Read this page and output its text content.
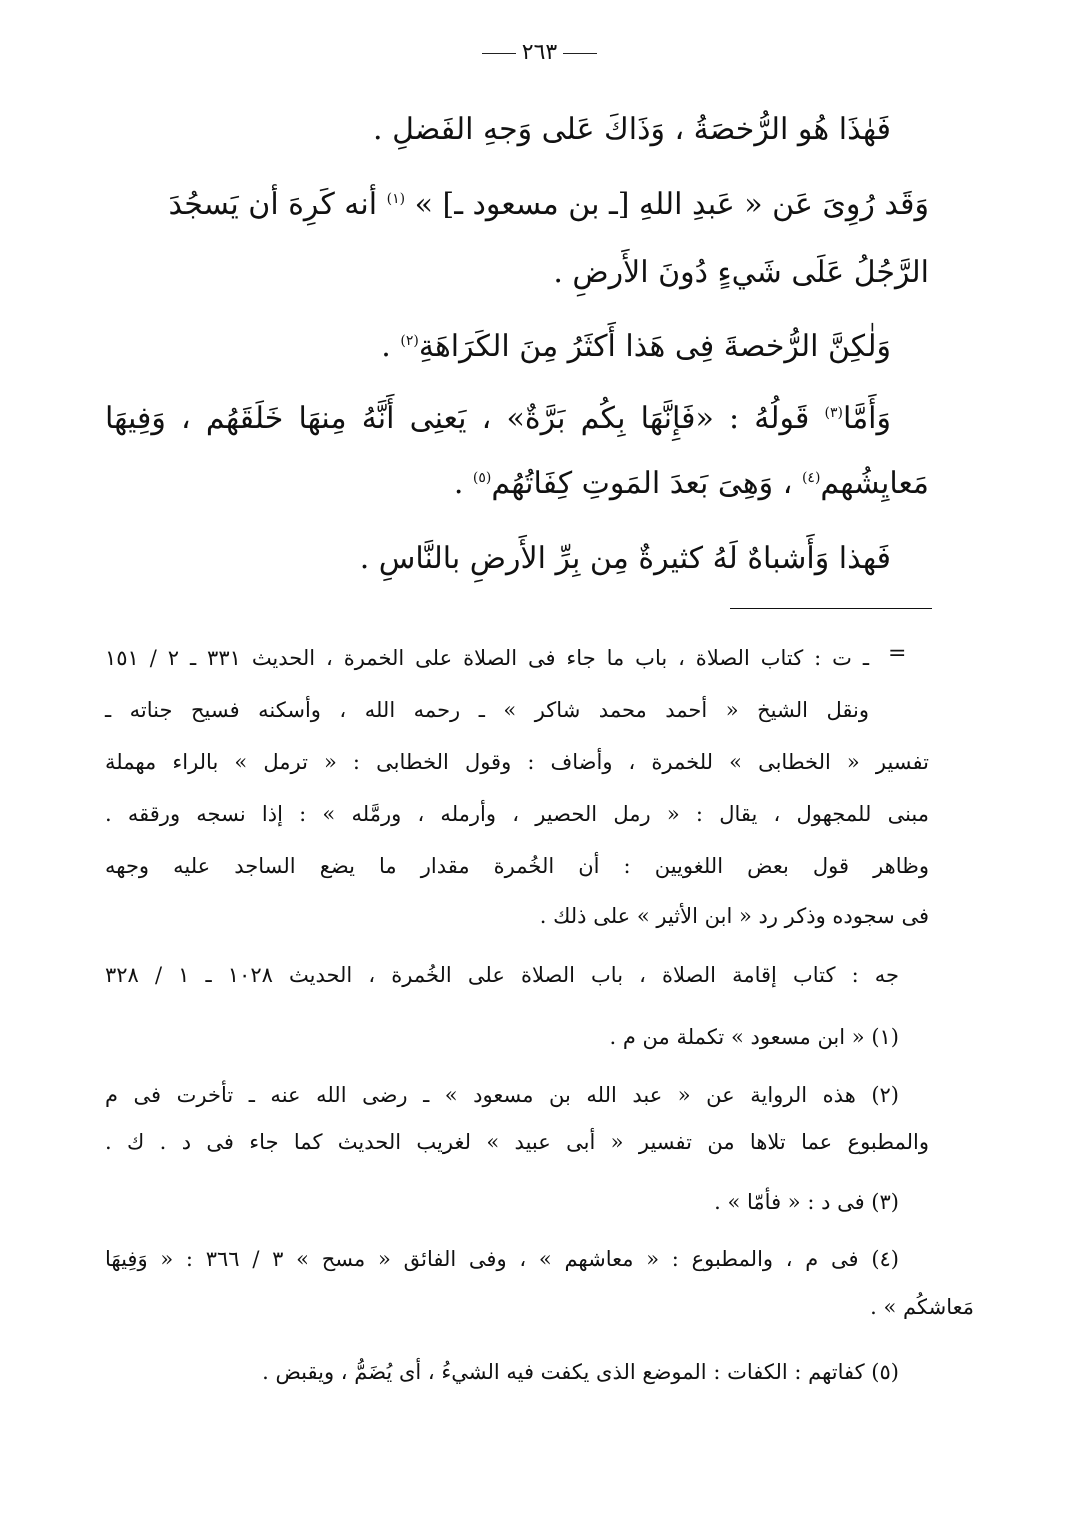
٢٦٣
فَهٰذَا هُو الرُّخصَةُ ، وَذَاكَ عَلى وَجهِ الفَضلِ .
وَقَد رُوِىَ عَن « عَبدِ اللهِ [ـ بن مسعود ـ] » $^{(١)}$ أنه كَرِهَ أن يَسجُدَ
الرَّجُلُ عَلَى شَيءٍ دُونَ الأَرضِ .
وَلٰكِنَّ الرُّخصةَ فِى هَذا أَكثَرُ مِنَ الكَرَاهَةِ$^{(٢)}$ .
وَأَمَّا$^{(٣)}$ قَولُهُ : «فَإِنَّهَا بِكُم بَرَّةٌ» ، يَعنِى أَنَّهُ مِنهَا خَلَقَهُم ، وَفِيهَا
مَعايِشُهم$^{(٤)}$ ، وَهِىَ بَعدَ المَوتِ كِفَاتُهُم$^{(٥)}$ .
فَهذا وَأَشباهٌ لَهُ كثيرةٌ مِن بِرِّ الأَرضِ بالنَّاسِ .
=
ـ ت : كتاب الصلاة ، باب ما جاء فى الصلاة على الخمرة ، الحديث ٣٣١ ـ ٢ / ١٥١
ونقل الشيخ « أحمد محمد شاكر » ـ رحمه الله ، وأسكنه فسيح جناته ـ
تفسير « الخطابى » للخمرة ، وأضاف : وقول الخطابى : « ترمل » بالراء مهملة
مبنى للمجهول ، يقال : « رمل الحصير ، وأرمله ، ورمَّله » : إذا نسجه ورققه .
وظاهر قول بعض اللغويين : أن الخُمرة مقدار ما يضع الساجد عليه وجهه
فى سجوده وذكر رد « ابن الأثير » على ذلك .
جه : كتاب إقامة الصلاة ، باب الصلاة على الخُمرة ، الحديث ١٠٢٨ ـ ١ / ٣٢٨
(١) « ابن مسعود » تكملة من م .
(٢) هذه الرواية عن « عبد الله بن مسعود » ـ رضى الله عنه ـ تأخرت فى م
والمطبوع عما تلاها من تفسير « أبى عبيد » لغريب الحديث كما جاء فى د . ك .
(٣) فى د : « فأمّا » .
(٤) فى م ، والمطبوع : « معاشهم » ، وفى الفائق « مسح » ٣ / ٣٦٦ : « وَفِيهَا
مَعاشكُم » .
(٥) كفاتهم : الكفات : الموضع الذى يكفت فيه الشيءُ ، أى يُضَمُّ ، ويقبض .
